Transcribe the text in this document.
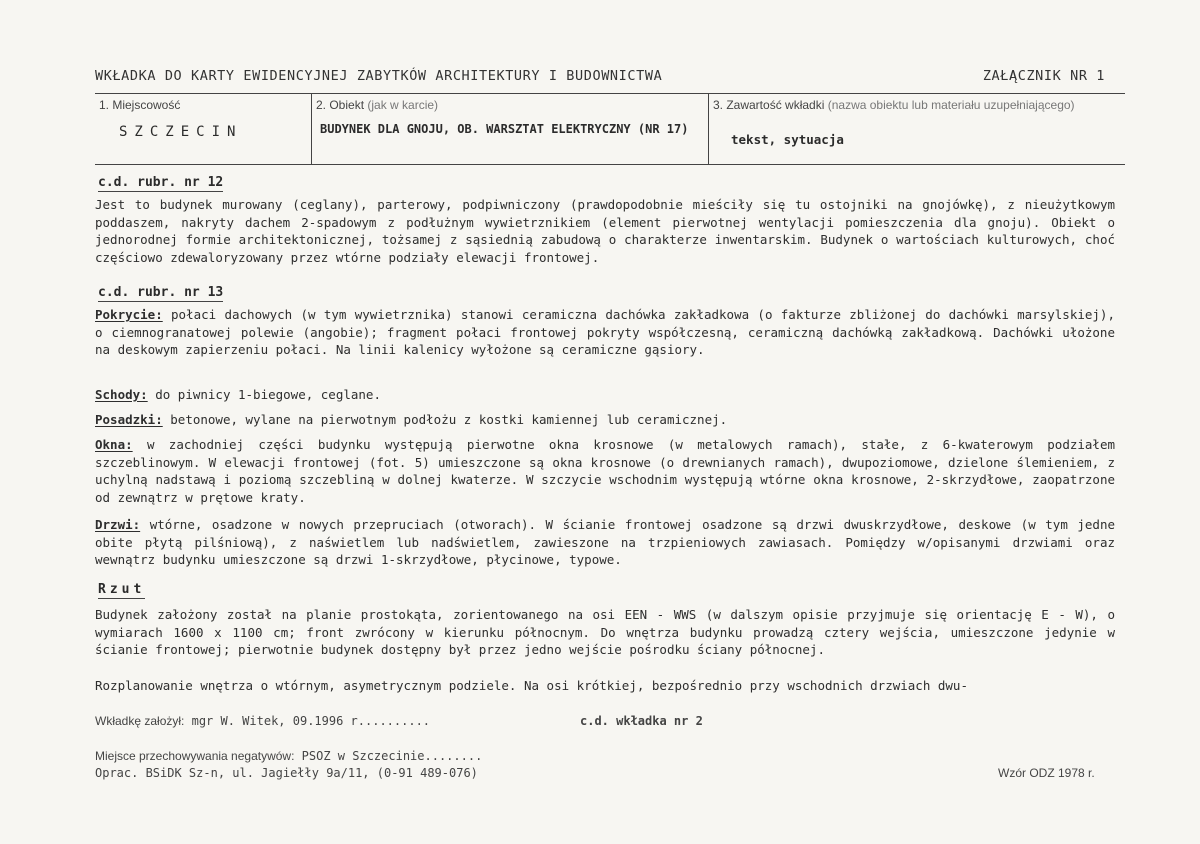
WKŁADKA DO KARTY EWIDENCYJNEJ ZABYTKÓW ARCHITEKTURY I BUDOWNICTWA	ZAŁĄCZNIK NR 1
1. Miejscowość
SZCZECIN
2. Obiekt (jak w karcie)
BUDYNEK DLA GNOJU, OB. WARSZTAT ELEKTRYCZNY (NR 17)
3. Zawartość wkładki (nazwa obiektu lub materiału uzupełniającego)
tekst, sytuacja
c.d. rubr. nr 12
Jest to budynek murowany (ceglany), parterowy, podpiwniczony (prawdopodobnie mieściły się tu ostojniki na gnojówkę), z nieużytkowym poddaszem, nakryty dachem 2-spadowym z podłużnym wywietrznikiem (element pierwotnej wentylacji pomieszczenia dla gnoju). Obiekt o jednorodnej formie architektonicznej, tożsamej z sąsiednią zabudową o charakterze inwentarskim. Budynek o wartościach kulturowych, choć częściowo zdewaloryzowany przez wtórne podziały elewacji frontowej.
c.d. rubr. nr 13
Pokrycie: połaci dachowych (w tym wywietrznika) stanowi ceramiczna dachówka zakładkowa (o fakturze zbliżonej do dachówki marsylskiej), o ciemnogranatowej polewie (angobie); fragment połaci frontowej pokryty współczesną, ceramiczną dachówką zakładkową. Dachówki ułożone na deskowym zapierzeniu połaci. Na linii kalenicy wyłożone są ceramiczne gąsiory.
Schody: do piwnicy 1-biegowe, ceglane.
Posadzki: betonowe, wylane na pierwotnym podłożu z kostki kamiennej lub ceramicznej.
Okna: w zachodniej części budynku występują pierwotne okna krosnowe (w metalowych ramach), stałe, z 6-kwaterowym podziałem szczeblinowym. W elewacji frontowej (fot. 5) umieszczone są okna krosnowe (o drewnianych ramach), dwupoziomowe, dzielone ślemieniem, z uchylną nadstawą i poziomą szczebliną w dolnej kwaterze. W szczycie wschodnim występują wtórne okna krosnowe, 2-skrzydłowe, zaopatrzone od zewnątrz w prętowe kraty.
Drzwi: wtórne, osadzone w nowych przepruciach (otworach). W ścianie frontowej osadzone są drzwi dwuskrzydłowe, deskowe (w tym jedne obite płytą pilśniową), z naświetlem lub nadświetlem, zawieszone na trzpieniowych zawiasach. Pomiędzy w/opisanymi drzwiami oraz wewnątrz budynku umieszczone są drzwi 1-skrzydłowe, płycinowe, typowe.
Rzut
Budynek założony został na planie prostokąta, zorientowanego na osi EEN - WWS (w dalszym opisie przyjmuje się orientację E - W), o wymiarach 1600 x 1100 cm; front zwrócony w kierunku północnym. Do wnętrza budynku prowadzą cztery wejścia, umieszczone jedynie w ścianie frontowej; pierwotnie budynek dostępny był przez jedno wejście pośrodku ściany północnej.
Rozplanowanie wnętrza o wtórnym, asymetrycznym podziele. Na osi krótkiej, bezpośrednio przy wschodnich drzwiach dwu-
Wkładkę założył: mgr W. Witek, 09.1996 r..........	c.d. wkładka nr 2
Miejsce przechowywania negatywów: PSOZ w Szczecinie........
Oprac. BSiDK Sz-n, ul. Jagiełły 9a/11, (0-91 489-076)	Wzór ODZ 1978 r.
